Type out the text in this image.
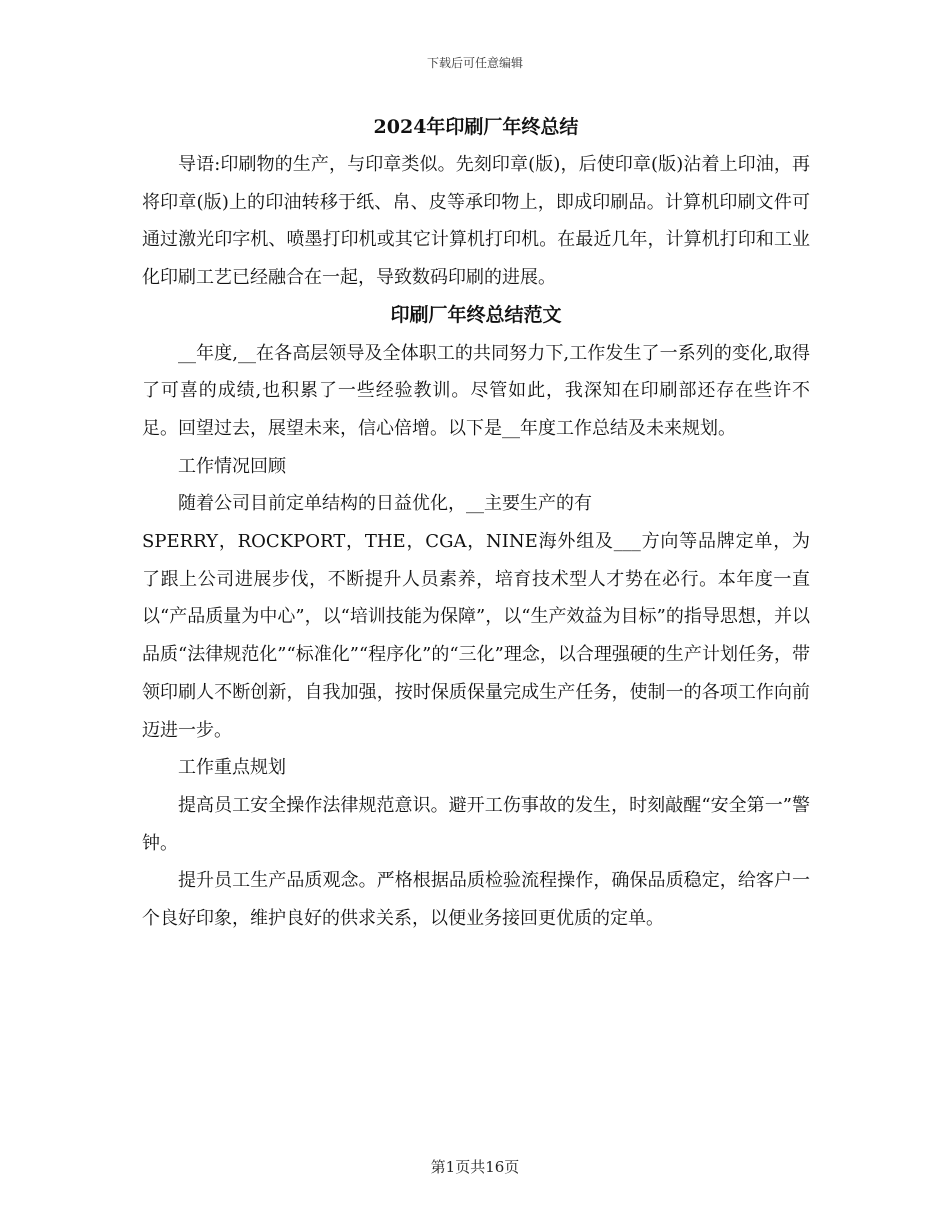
下载后可任意编辑

2024年印刷厂年终总结

导语:印刷物的生产，与印章类似。先刻印章(版)，后使印章(版)沾着上印油，再将印章(版)上的印油转移于纸、帛、皮等承印物上，即成印刷品。计算机印刷文件可通过激光印字机、喷墨打印机或其它计算机打印机。在最近几年，计算机打印和工业化印刷工艺已经融合在一起，导致数码印刷的进展。

印刷厂年终总结范文

__年度,__在各高层领导及全体职工的共同努力下,工作发生了一系列的变化,取得了可喜的成绩,也积累了一些经验教训。尽管如此，我深知在印刷部还存在些许不足。回望过去，展望未来，信心倍增。以下是__年度工作总结及未来规划。

工作情况回顾

随着公司目前定单结构的日益优化，__主要生产的有

SPERRY，ROCKPORT，THE，CGA，NINE海外组及___方向等品牌定单，为了跟上公司进展步伐，不断提升人员素养，培育技术型人才势在必行。本年度一直以“产品质量为中心”，以“培训技能为保障”，以“生产效益为目标”的指导思想，并以品质“法律规范化”“标准化”“程序化”的“三化”理念，以合理强硬的生产计划任务，带领印刷人不断创新，自我加强，按时保质保量完成生产任务，使制一的各项工作向前迈进一步。

工作重点规划

提高员工安全操作法律规范意识。避开工伤事故的发生，时刻敲醒“安全第一”警钟。

提升员工生产品质观念。严格根据品质检验流程操作，确保品质稳定，给客户一个良好印象，维护良好的供求关系，以便业务接回更优质的定单。

第1页共16页
